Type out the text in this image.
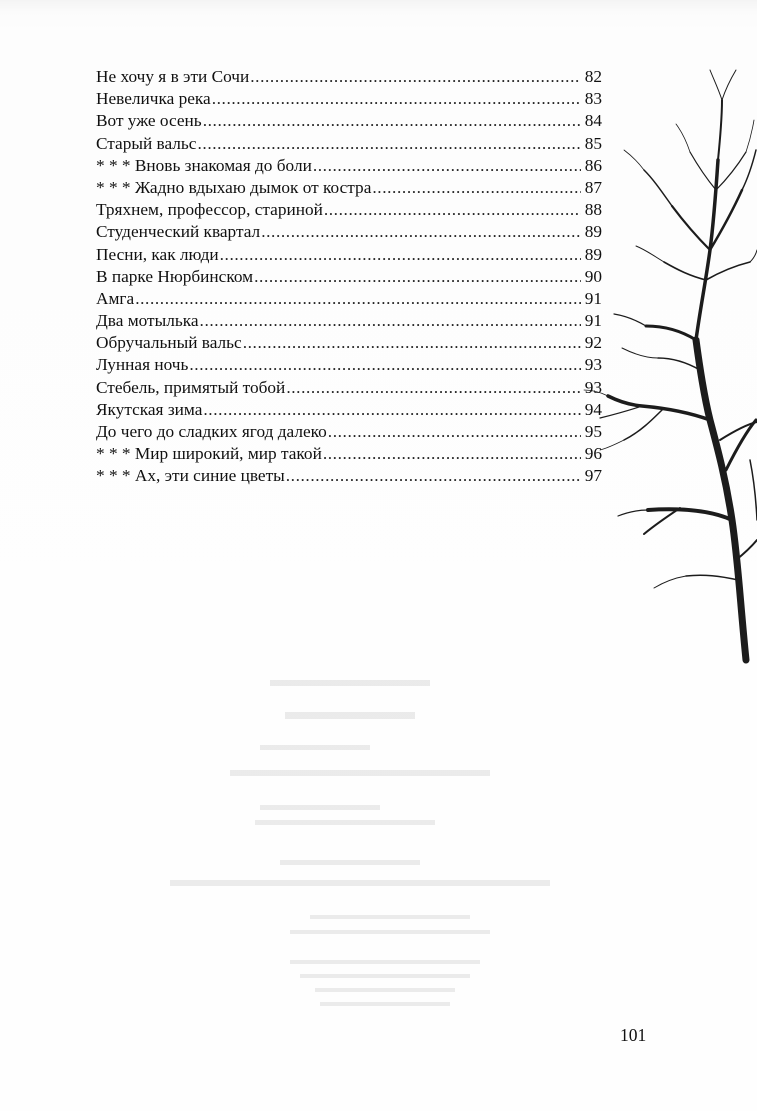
Не хочу я в эти Сочи .....	82
Невеличка река .....	83
Вот уже осень .....	84
Старый вальс .....	85
* * * Вновь знакомая до боли .....	86
* * * Жадно вдыхаю дымок от костра .....	87
Тряхнем, профессор, стариной .....	88
Студенческий квартал .....	89
Песни, как люди .....	89
В парке Нюрбинском .....	90
Амга .....	91
Два мотылька .....	91
Обручальный вальс .....	92
Лунная ночь .....	93
Стебель, примятый тобой .....	93
Якутская зима .....	94
До чего до сладких ягод далеко .....	95
* * * Мир широкий, мир такой .....	96
* * * Ах, эти синие цветы .....	97
101
